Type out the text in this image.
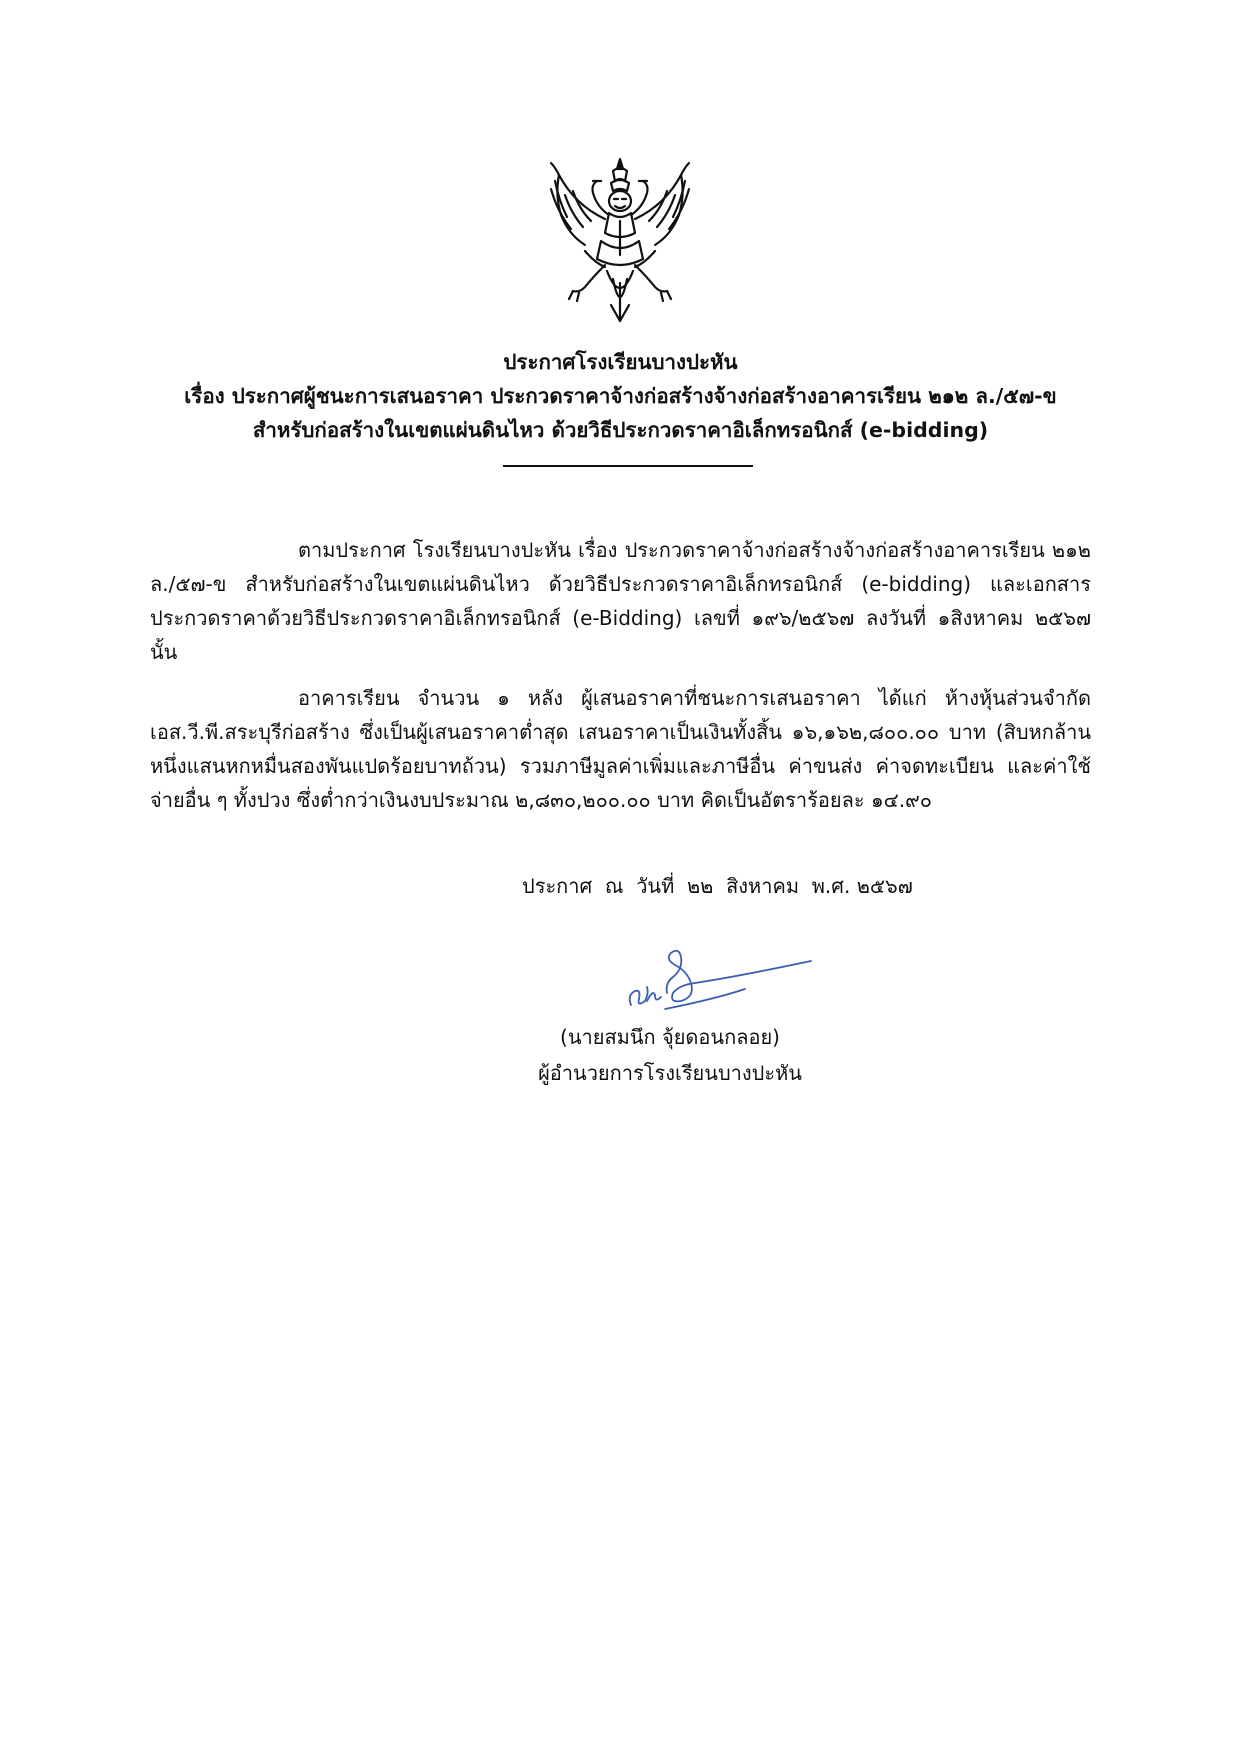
ประกาศโรงเรียนบางปะหัน
เรื่อง ประกาศผู้ชนะการเสนอราคา ประกวดราคาจ้างก่อสร้างจ้างก่อสร้างอาคารเรียน ๒๑๒ ล./๕๗-ข
สำหรับก่อสร้างในเขตแผ่นดินไหว ด้วยวิธีประกวดราคาอิเล็กทรอนิกส์ (e-bidding)
ตามประกาศ โรงเรียนบางปะหัน เรื่อง ประกวดราคาจ้างก่อสร้างจ้างก่อสร้างอาคารเรียน ๒๑๒ ล./๕๗-ข สำหรับก่อสร้างในเขตแผ่นดินไหว ด้วยวิธีประกวดราคาอิเล็กทรอนิกส์ (e-bidding) และเอกสารประกวดราคาด้วยวิธีประกวดราคาอิเล็กทรอนิกส์ (e-Bidding) เลขที่ ๑๙๖/๒๕๖๗ ลงวันที่ ๑สิงหาคม ๒๕๖๗ นั้น
อาคารเรียน จำนวน ๑ หลัง ผู้เสนอราคาที่ชนะการเสนอราคา ได้แก่ ห้างหุ้นส่วนจำกัด เอส.วี.พี.สระบุรีก่อสร้าง ซึ่งเป็นผู้เสนอราคาต่ำสุด เสนอราคาเป็นเงินทั้งสิ้น ๑๖,๑๖๒,๘๐๐.๐๐ บาท (สิบหกล้านหนึ่งแสนหกหมื่นสองพันแปดร้อยบาทถ้วน) รวมภาษีมูลค่าเพิ่มและภาษีอื่น ค่าขนส่ง ค่าจดทะเบียน และค่าใช้จ่ายอื่น ๆ ทั้งปวง ซึ่งต่ำกว่าเงินงบประมาณ ๒,๘๓๐,๒๐๐.๐๐ บาท คิดเป็นอัตราร้อยละ ๑๔.๙๐
ประกาศ  ณ  วันที่  ๒๒  สิงหาคม  พ.ศ. ๒๕๖๗
(นายสมนึก จุ้ยดอนกลอย)
ผู้อำนวยการโรงเรียนบางปะหัน
